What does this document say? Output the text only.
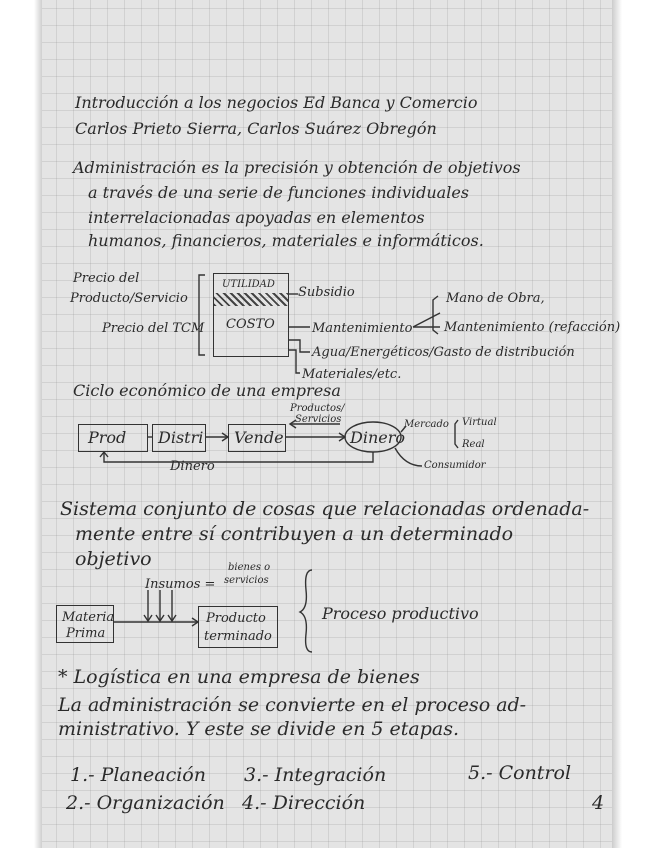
Introducción a los negocios Ed Banca y Comercio
Carlos Prieto Sierra, Carlos Suárez Obregón
Administración es la precisión y obtención de objetivos
a través de una serie de funciones individuales
interrelacionadas apoyadas en elementos
humanos, financieros, materiales e informáticos.
Precio del
Producto/Servicio
Precio del TCM
UTILIDAD
COSTO
Subsidio
Mantenimiento
Mano de Obra,
Mantenimiento (refacción)
Agua/Energéticos/Gasto de distribución
Materiales/etc.
Ciclo económico de una empresa
Prod Distri Vende	Dinero
Productos/
Servicios	Mercado Virtual
Real
Consumidor
Dinero
Sistema conjunto de cosas que relacionadas ordenada-
mente entre sí contribuyen a un determinado
objetivo
Insumos =
bienes o
servicios
Materia
Prima
Producto
terminado
Proceso productivo
* Logística en una empresa de bienes
La administración se convierte en el proceso ad-
ministrativo. Y este se divide en 5 etapas.
1.- Planeación
2.- Organización
3.- Integración
4.- Dirección
5.- Control
4
